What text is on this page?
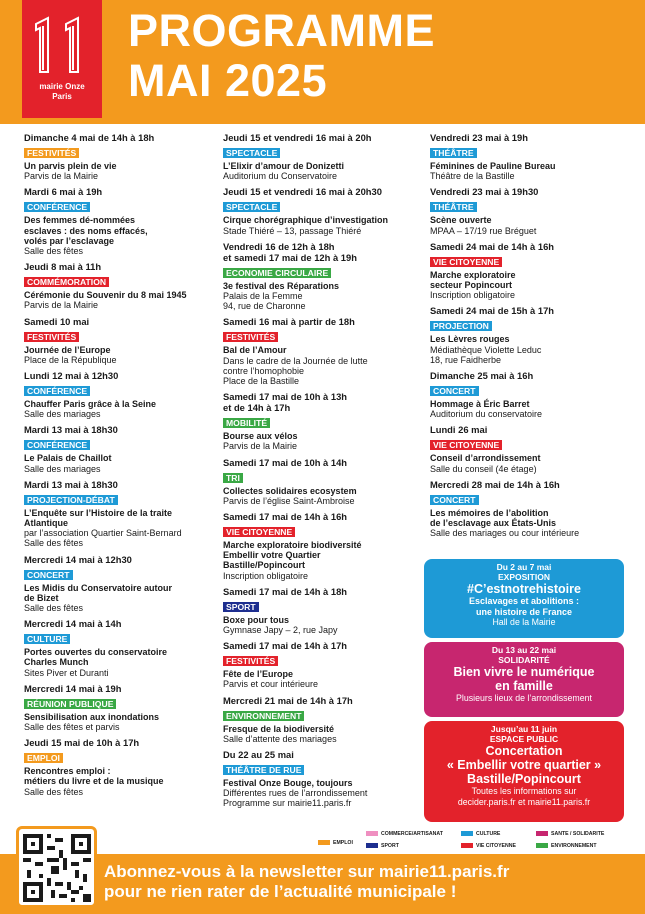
mairie Onze
Paris
PROGRAMME
MAI 2025
Dimanche 4 mai de 14h à 18h
FESTIVITÉS
Un parvis plein de vie
Parvis de la Mairie
Mardi 6 mai à 19h
CONFÉRENCE
Des femmes dé-nommées
esclaves : des noms effacés,
volés par l’esclavage
Salle des fêtes
Jeudi 8 mai à 11h
COMMÉMORATION
Cérémonie du Souvenir du 8 mai 1945
Parvis de la Mairie
Samedi 10 mai
FESTIVITÉS
Journée de l’Europe
Place de la République
Lundi 12 mai à 12h30
CONFÉRENCE
Chauffer Paris grâce à la Seine
Salle des mariages
Mardi 13 mai à 18h30
CONFÉRENCE
Le Palais de Chaillot
Salle des mariages
Mardi 13 mai à 18h30
PROJECTION-DÉBAT
L’Enquête sur l’Histoire de la traite
Atlantique
par l’association Quartier Saint-Bernard
Salle des fêtes
Mercredi 14 mai à 12h30
CONCERT
Les Midis du Conservatoire autour
de Bizet
Salle des fêtes
Mercredi 14 mai à 14h
CULTURE
Portes ouvertes du conservatoire
Charles Munch
Sites Piver et Duranti
Mercredi 14 mai à 19h
RÉUNION PUBLIQUE
Sensibilisation aux inondations
Salle des fêtes et parvis
Jeudi 15 mai de 10h à 17h
EMPLOI
Rencontres emploi :
métiers du livre et de la musique
Salle des fêtes
Jeudi 15 et vendredi 16 mai à 20h
SPECTACLE
L’Elixir d’amour de Donizetti
Auditorium du Conservatoire
Jeudi 15 et vendredi 16 mai à 20h30
SPECTACLE
Cirque chorégraphique d’investigation
Stade Thiéré – 13, passage Thiéré
Vendredi 16 de 12h à 18h
et samedi 17 mai de 12h à 19h
ECONOMIE CIRCULAIRE
3e festival des Réparations
Palais de la Femme
94, rue de Charonne
Samedi 16 mai à partir de 18h
FESTIVITÉS
Bal de l’Amour
Dans le cadre de la Journée de lutte
contre l’homophobie
Place de la Bastille
Samedi 17 mai de 10h à 13h
et de 14h à 17h
MOBILITÉ
Bourse aux vélos
Parvis de la Mairie
Samedi 17 mai de 10h à 14h
TRI
Collectes solidaires ecosystem
Parvis de l’église Saint-Ambroise
Samedi 17 mai de 14h à 16h
VIE CITOYENNE
Marche exploratoire biodiversité
Embellir votre Quartier
Bastille/Popincourt
Inscription obligatoire
Samedi 17 mai de 14h à 18h
SPORT
Boxe pour tous
Gymnase Japy – 2, rue Japy
Samedi 17 mai de 14h à 17h
FESTIVITÉS
Fête de l’Europe
Parvis et cour intérieure
Mercredi 21 mai de 14h à 17h
ENVIRONNEMENT
Fresque de la biodiversité
Salle d’attente des mariages
Du 22 au 25 mai
THÉÂTRE DE RUE
Festival Onze Bouge, toujours
Différentes rues de l’arrondissement
Programme sur mairie11.paris.fr
Vendredi 23 mai à 19h
THÉÂTRE
Féminines de Pauline Bureau
Théâtre de la Bastille
Vendredi 23 mai à 19h30
THÉÂTRE
Scène ouverte
MPAA – 17/19 rue Bréguet
Samedi 24 mai de 14h à 16h
VIE CITOYENNE
Marche exploratoire
secteur Popincourt
Inscription obligatoire
Samedi 24 mai de 15h à 17h
PROJECTION
Les Lèvres rouges
Médiathèque Violette Leduc
18, rue Faidherbe
Dimanche 25 mai à 16h
CONCERT
Hommage à Éric Barret
Auditorium du conservatoire
Lundi 26 mai
VIE CITOYENNE
Conseil d’arrondissement
Salle du conseil (4e étage)
Mercredi 28 mai de 14h à 16h
CONCERT
Les mémoires de l’abolition
de l’esclavage aux États-Unis
Salle des mariages ou cour intérieure
Du 2 au 7 mai
EXPOSITION
#C’estnotrehistoire
Esclavages et abolitions :
une histoire de France
Hall de la Mairie
Du 13 au 22 mai
SOLIDARITÉ
Bien vivre le numérique
en famille
Plusieurs lieux de l’arrondissement
Jusqu’au 11 juin
ESPACE PUBLIC
Concertation
« Embellir votre quartier »
Bastille/Popincourt
Toutes les informations sur
decider.paris.fr et mairie11.paris.fr
EMPLOI
COMMERCE/ARTISANAT
SPORT
CULTURE
VIE CITOYENNE
SANTE / SOLIDARITE
ENVIRONNEMENT
Abonnez-vous à la newsletter sur mairie11.paris.fr
pour ne rien rater de l’actualité municipale !
